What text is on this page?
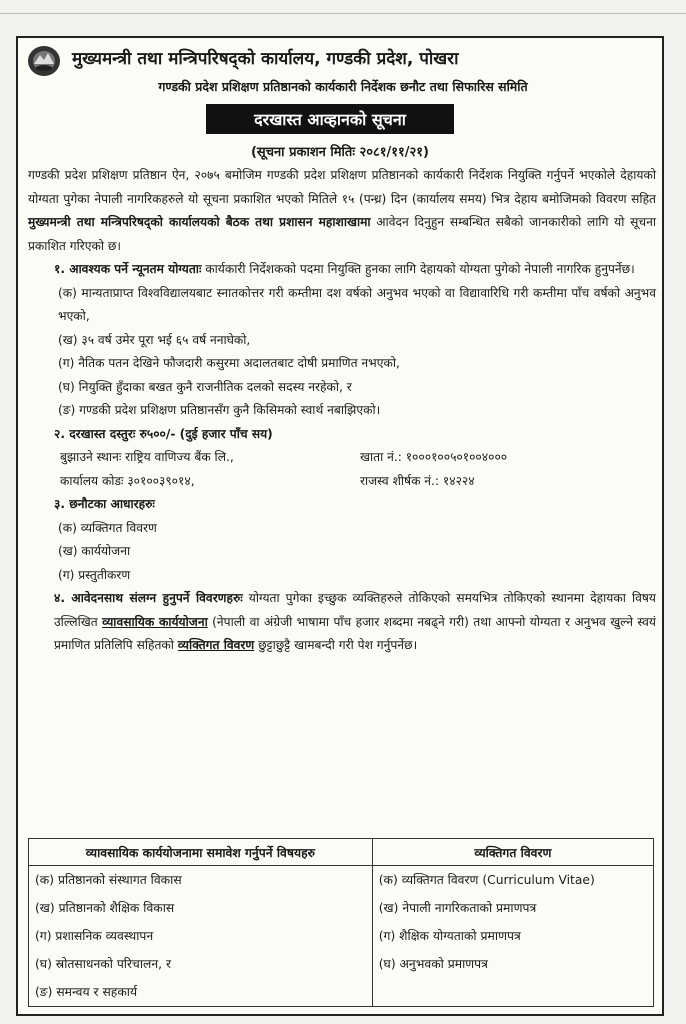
मुख्यमन्त्री तथा मन्त्रिपरिषद्को कार्यालय, गण्डकी प्रदेश, पोखरा
गण्डकी प्रदेश प्रशिक्षण प्रतिष्ठानको कार्यकारी निर्देशक छनौट तथा सिफारिस समिति
दरखास्त आव्हानको सूचना
(सूचना प्रकाशन मितिः २०८१/११/२१)

गण्डकी प्रदेश प्रशिक्षण प्रतिष्ठान ऐन, २०७५ बमोजिम गण्डकी प्रदेश प्रशिक्षण प्रतिष्ठानको कार्यकारी निर्देशक नियुक्ति गर्नुपर्ने भएकोले देहायको योग्यता पुगेका नेपाली नागरिकहरुले यो सूचना प्रकाशित भएको मितिले १५ (पन्ध्र) दिन (कार्यालय समय) भित्र देहाय बमोजिमको विवरण सहित मुख्यमन्त्री तथा मन्त्रिपरिषद्को कार्यालयको बैठक तथा प्रशासन महाशाखामा आवेदन दिनुहुन सम्बन्धित सबैको जानकारीको लागि यो सूचना प्रकाशित गरिएको छ।

१. आवश्यक पर्ने न्यूनतम योग्यताः कार्यकारी निर्देशकको पदमा नियुक्ति हुनका लागि देहायको योग्यता पुगेको नेपाली नागरिक हुनुपर्नेछ।

(क) मान्यताप्राप्त विश्वविद्यालयबाट स्नातकोत्तर गरी कम्तीमा दश वर्षको अनुभव भएको वा विद्यावारिधि गरी कम्तीमा पाँच वर्षको अनुभव भएको,

(ख) ३५ वर्ष उमेर पूरा भई ६५ वर्ष ननाघेको,

(ग) नैतिक पतन देखिने फौजदारी कसुरमा अदालतबाट दोषी प्रमाणित नभएको,

(घ) नियुक्ति हुँदाका बखत कुनै राजनीतिक दलको सदस्य नरहेको, र

(ङ) गण्डकी प्रदेश प्रशिक्षण प्रतिष्ठानसँग कुनै किसिमको स्वार्थ नबाझिएको।

२. दरखास्त दस्तुरः रु५००/- (दुई हजार पाँच सय)

बुझाउने स्थानः राष्ट्रिय वाणिज्य बैंक लि.,	खाता नं.: १०००१००५०१००४०००
कार्यालय कोडः ३०१००३९०१४,	राजस्व शीर्षक नं.: १४२२४

३. छनौटका आधारहरुः

(क) व्यक्तिगत विवरण

(ख) कार्ययोजना

(ग) प्रस्तुतीकरण

४. आवेदनसाथ संलग्न हुनुपर्ने विवरणहरुः योग्यता पुगेका इच्छुक व्यक्तिहरुले तोकिएको समयभित्र तोकिएको स्थानमा देहायका विषय उल्लिखित व्यावसायिक कार्ययोजना (नेपाली वा अंग्रेजी भाषामा पाँच हजार शब्दमा नबढ्ने गरी) तथा आफ्नो योग्यता र अनुभव खुल्ने स्वयं प्रमाणित प्रतिलिपि सहितको व्यक्तिगत विवरण छुट्टाछुट्टै खामबन्दी गरी पेश गर्नुपर्नेछ।

व्यावसायिक कार्ययोजनामा समावेश गर्नुपर्ने विषयहरु	व्यक्तिगत विवरण
(क) प्रतिष्ठानको संस्थागत विकास	(क) व्यक्तिगत विवरण (Curriculum Vitae)
(ख) प्रतिष्ठानको शैक्षिक विकास	(ख) नेपाली नागरिकताको प्रमाणपत्र
(ग) प्रशासनिक व्यवस्थापन	(ग) शैक्षिक योग्यताको प्रमाणपत्र
(घ) स्रोतसाधनको परिचालन, र	(घ) अनुभवको प्रमाणपत्र
(ङ) समन्वय र सहकार्य	
